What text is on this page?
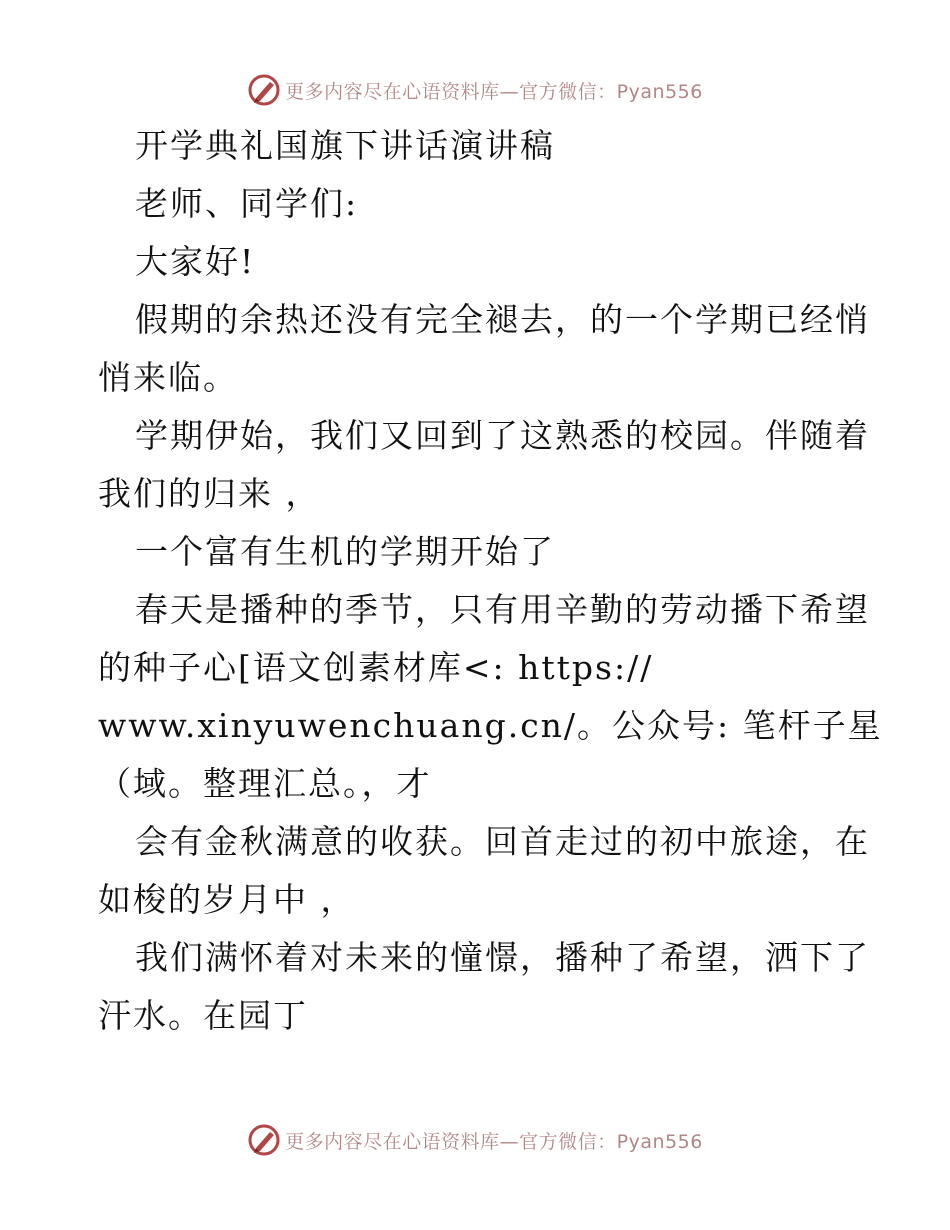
更多内容尽在心语资料库—官方微信：Pyan556

开学典礼国旗下讲话演讲稿

老师、同学们:

大家好!

假期的余热还没有完全褪去，的一个学期已经悄

悄来临。

学期伊始，我们又回到了这熟悉的校园。伴随着

我们的归来 ，

一个富有生机的学期开始了

春天是播种的季节，只有用辛勤的劳动播下希望

的种子心[语文创素材库<: https://

www.xinyuwenchuang.cn/。公众号: 笔杆子星

（域。整理汇总。，才

会有金秋满意的收获。回首走过的初中旅途，在

如梭的岁月中 ，

我们满怀着对未来的憧憬，播种了希望，洒下了

汗水。在园丁

更多内容尽在心语资料库—官方微信：Pyan556
